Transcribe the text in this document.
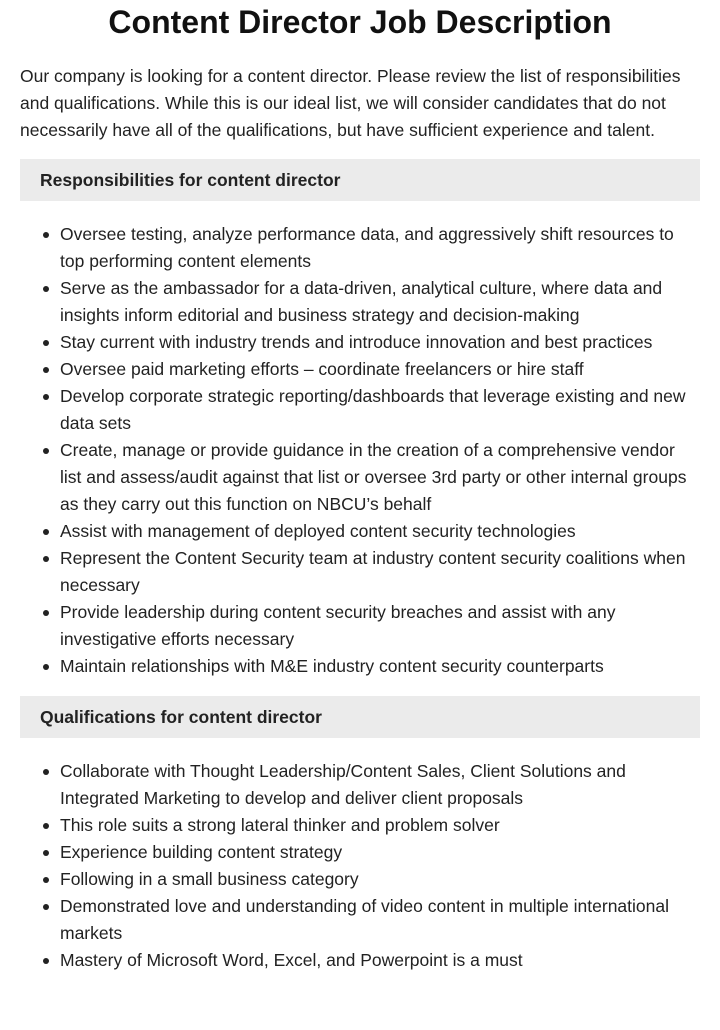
Content Director Job Description

Our company is looking for a content director. Please review the list of responsibilities and qualifications. While this is our ideal list, we will consider candidates that do not necessarily have all of the qualifications, but have sufficient experience and talent.

Responsibilities for content director
Oversee testing, analyze performance data, and aggressively shift resources to top performing content elements
Serve as the ambassador for a data-driven, analytical culture, where data and insights inform editorial and business strategy and decision-making
Stay current with industry trends and introduce innovation and best practices
Oversee paid marketing efforts – coordinate freelancers or hire staff
Develop corporate strategic reporting/dashboards that leverage existing and new data sets
Create, manage or provide guidance in the creation of a comprehensive vendor list and assess/audit against that list or oversee 3rd party or other internal groups as they carry out this function on NBCU’s behalf
Assist with management of deployed content security technologies
Represent the Content Security team at industry content security coalitions when necessary
Provide leadership during content security breaches and assist with any investigative efforts necessary
Maintain relationships with M&E industry content security counterparts
Qualifications for content director
Collaborate with Thought Leadership/Content Sales, Client Solutions and Integrated Marketing to develop and deliver client proposals
This role suits a strong lateral thinker and problem solver
Experience building content strategy
Following in a small business category
Demonstrated love and understanding of video content in multiple international markets
Mastery of Microsoft Word, Excel, and Powerpoint is a must
